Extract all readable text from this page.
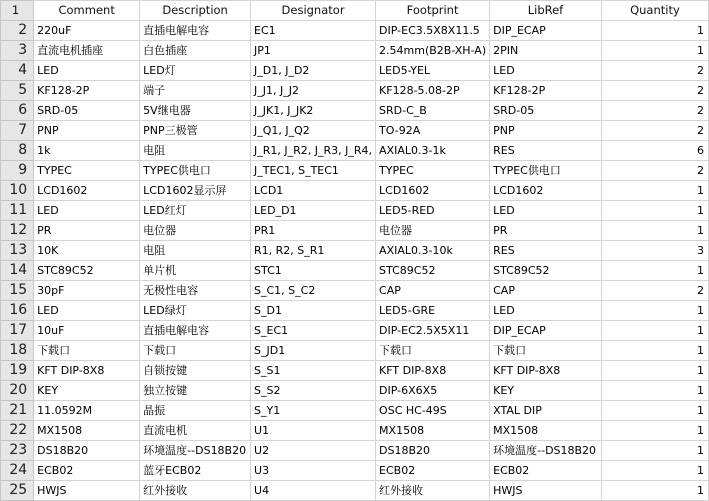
1	Comment	Description	Designator	Footprint	LibRef	Quantity
2	220uF	直插电解电容	EC1	DIP-EC3.5X8X11.5	DIP_ECAP	1
3	直流电机插座	白色插座	JP1	2.54mm(B2B-XH-A)	2PIN	1
4	LED	LED灯	J_D1, J_D2	LED5-YEL	LED	2
5	KF128-2P	端子	J_J1, J_J2	KF128-5.08-2P	KF128-2P	2
6	SRD-05	5V继电器	J_JK1, J_JK2	SRD-C_B	SRD-05	2
7	PNP	PNP三极管	J_Q1, J_Q2	TO-92A	PNP	2
8	1k	电阻	J_R1, J_R2, J_R3, J_R4,	AXIAL0.3-1k	RES	6
9	TYPEC	TYPEC供电口	J_TEC1, S_TEC1	TYPEC	TYPEC供电口	2
10	LCD1602	LCD1602显示屏	LCD1	LCD1602	LCD1602	1
11	LED	LED红灯	LED_D1	LED5-RED	LED	1
12	PR	电位器	PR1	电位器	PR	1
13	10K	电阻	R1, R2, S_R1	AXIAL0.3-10k	RES	3
14	STC89C52	单片机	STC1	STC89C52	STC89C52	1
15	30pF	无极性电容	S_C1, S_C2	CAP	CAP	2
16	LED	LED绿灯	S_D1	LED5-GRE	LED	1
17	10uF	直插电解电容	S_EC1	DIP-EC2.5X5X11	DIP_ECAP	1
18	下载口	下载口	S_JD1	下载口	下载口	1
19	KFT DIP-8X8	自锁按键	S_S1	KFT DIP-8X8	KFT DIP-8X8	1
20	KEY	独立按键	S_S2	DIP-6X6X5	KEY	1
21	11.0592M	晶振	S_Y1	OSC HC-49S	XTAL DIP	1
22	MX1508	直流电机	U1	MX1508	MX1508	1
23	DS18B20	环境温度--DS18B20	U2	DS18B20	环境温度--DS18B20	1
24	ECB02	蓝牙ECB02	U3	ECB02	ECB02	1
25	HWJS	红外接收	U4	红外接收	HWJS	1
